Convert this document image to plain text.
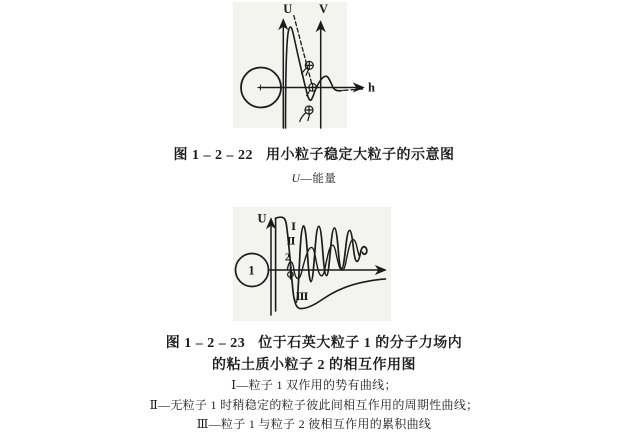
U V
h
+
图 1 – 2 – 22 用小粒子稳定大粒子的示意图
U—能量
U
1
Ⅰ
Ⅱ
2
Ⅲ
图 1 – 2 – 23 位于石英大粒子 1 的分子力场内
的粘土质小粒子 2 的相互作用图
Ⅰ—粒子 1 双作用的势有曲线；
Ⅱ—无粒子 1 时稍稳定的粒子彼此间相互作用的周期性曲线；
Ⅲ—粒子 1 与粒子 2 彼相互作用的累积曲线
